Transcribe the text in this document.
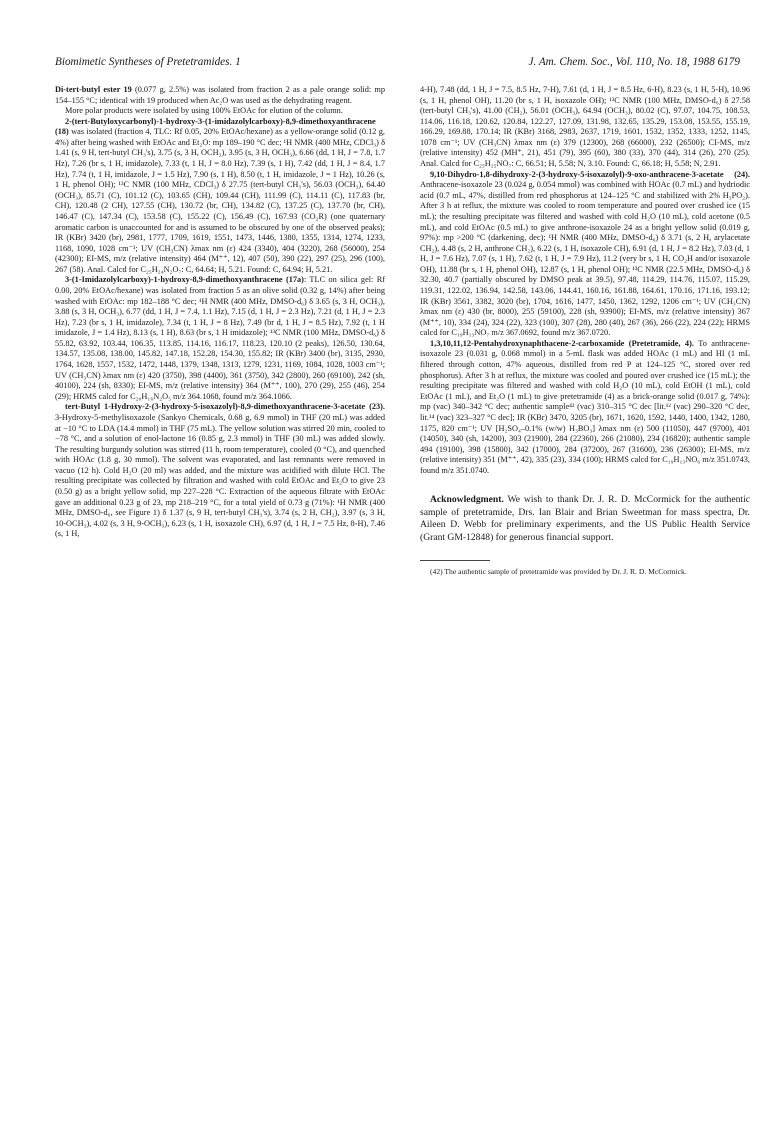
Biomimetic Syntheses of Pretetramides. 1	J. Am. Chem. Soc., Vol. 110, No. 18, 1988 6179

Di-tert-butyl ester 19 (0.077 g, 2.5%) was isolated from fraction 2 as a pale orange solid: mp 154–155 °C; identical with 19 produced when Ac₂O was used as the dehydrating reagent.

More polar products were isolated by using 100% EtOAc for elution of the column.

2-(tert-Butyloxycarbonyl)-1-hydroxy-3-(1-imidazolylcarboxy)-8,9-dimethoxyanthracene (18) was isolated (fraction 4, TLC: Rf 0.05, 20% EtOAc/hexane) as a yellow-orange solid (0.12 g, 4%) after being washed with EtOAc and Et₂O: mp 189–190 °C dec; ¹H NMR (400 MHz, CDCl₃) δ 1.41 (s, 9 H, tert-butyl CH₃'s), 3.75 (s, 3 H, OCH₃), 3.95 (s, 3 H, OCH₃), 6.66 (dd, 1 H, J = 7.8, 1.7 Hz), 7.26 (br s, 1 H, imidazole), 7.33 (t, 1 H, J = 8.0 Hz), 7.39 (s, 1 H), 7.42 (dd, 1 H, J = 8.4, 1.7 Hz), 7.74 (t, 1 H, imidazole, J = 1.5 Hz), 7.90 (s, 1 H), 8.50 (t, 1 H, imidazole, J = 1 Hz), 10.26 (s, 1 H, phenol OH); ¹³C NMR (100 MHz, CDCl₃) δ 27.75 (tert-butyl CH₃'s), 56.03 (OCH₃), 64.40 (OCH₃), 85.71 (C), 101.12 (C), 103.65 (CH), 109.44 (CH), 111.99 (C), 114.11 (C), 117.83 (br, CH), 120.48 (2 CH), 127.55 (CH), 130.72 (br, CH), 134.82 (C), 137.25 (C), 137.70 (br, CH), 146.47 (C), 147.34 (C), 153.58 (C), 155.22 (C), 156.49 (C), 167.93 (CO₂R) (one quaternary aromatic carbon is unaccounted for and is assumed to be obscured by one of the observed peaks); IR (KBr) 3420 (br), 2981, 1777, 1709, 1619, 1551, 1473, 1446, 1380, 1355, 1314, 1274, 1233, 1168, 1090, 1028 cm⁻¹; UV (CH₃CN) λmax nm (ε) 424 (3340), 404 (3220), 268 (56000), 254 (42300); EI-MS, m/z (relative intensity) 464 (M⁺⁺, 12), 407 (50), 390 (22), 297 (25), 296 (100), 267 (58). Anal. Calcd for C₂₅H₂₄N₂O₇: C, 64.64; H, 5.21. Found: C, 64.94; H, 5.21.

3-(1-Imidazolylcarboxy)-1-hydroxy-8,9-dimethoxyanthracene (17a): TLC on silica gel: Rf 0.00, 20% EtOAc/hexane) was isolated from fraction 5 as an olive solid (0.32 g, 14%) after being washed with EtOAc: mp 182–188 °C dec; ¹H NMR (400 MHz, DMSO-d₆) δ 3.65 (s, 3 H, OCH₃), 3.88 (s, 3 H, OCH₃), 6.77 (dd, 1 H, J = 7.4, 1.1 Hz), 7.15 (d, 1 H, J = 2.3 Hz), 7.21 (d, 1 H, J = 2.3 Hz), 7.23 (br s, 1 H, imidazole), 7.34 (t, 1 H, J = 8 Hz), 7.49 (br d, 1 H, J = 8.5 Hz), 7.92 (t, 1 H imidazole, J = 1.4 Hz), 8.13 (s, 1 H), 8.63 (br s, 1 H imidazole); ¹³C NMR (100 MHz, DMSO-d₆) δ 55.82, 63.92, 103.44, 106.35, 113.85, 114.16, 116.17, 118.23, 120.10 (2 peaks), 126.50, 130.64, 134.57, 135.08, 138.00, 145.82, 147.18, 152.28, 154.30, 155.82; IR (KBr) 3400 (br), 3135, 2930, 1764, 1628, 1557, 1532, 1472, 1448, 1379, 1348, 1313, 1279, 1231, 1169, 1084, 1028, 1003 cm⁻¹; UV (CH₃CN) λmax nm (ε) 420 (3750), 398 (4400), 361 (3750), 342 (2800), 260 (69100), 242 (sh, 40100), 224 (sh, 8330); EI-MS, m/z (relative intensity) 364 (M⁺⁺, 100), 270 (29), 255 (46), 254 (29); HRMS calcd for C₂₀H₁₆N₂O₅ m/z 364.1068, found m/z 364.1066.

tert-Butyl 1-Hydroxy-2-(3-hydroxy-5-isoxazolyl)-8,9-dimethoxyanthracene-3-acetate (23). 3-Hydroxy-5-methylisoxazole (Sankyo Chemicals, 0.68 g, 6.9 mmol) in THF (20 mL) was added at −10 °C to LDA (14.4 mmol) in THF (75 mL). The yellow solution was stirred 20 min, cooled to −78 °C, and a solution of enol-lactone 16 (0.85 g, 2.3 mmol) in THF (30 mL) was added slowly. The resulting burgundy solution was stirred (11 h, room temperature), cooled (0 °C), and quenched with HOAc (1.8 g, 30 mmol). The solvent was evaporated, and last remnants were removed in vacuo (12 h). Cold H₂O (20 ml) was added, and the mixture was acidified with dilute HCl. The resulting precipitate was collected by filtration and washed with cold EtOAc and Et₂O to give 23 (0.50 g) as a bright yellow solid, mp 227–228 °C. Extraction of the aqueous filtrate with EtOAc gave an additional 0.23 g of 23, mp 218–219 °C, for a total yield of 0.73 g (71%): ¹H NMR (400 MHz, DMSO-d₆, see Figure 1) δ 1.37 (s, 9 H, tert-butyl CH₃'s), 3.74 (s, 2 H, CH₂), 3.97 (s, 3 H, 10-OCH₃), 4.02 (s, 3 H, 9-OCH₃), 6.23 (s, 1 H, isoxazole CH), 6.97 (d, 1 H, J = 7.5 Hz, 8-H), 7.46 (s, 1 H,

4-H), 7.48 (dd, 1 H, J = 7.5, 8.5 Hz, 7-H), 7.61 (d, 1 H, J = 8.5 Hz, 6-H), 8.23 (s, 1 H, 5-H), 10.96 (s, 1 H, phenol OH), 11.20 (br s, 1 H, isoxazole OH); ¹³C NMR (100 MHz, DMSO-d₆) δ 27.58 (tert-butyl CH₃'s), 41.00 (CH₂), 56.01 (OCH₃), 64.94 (OCH₃), 80.02 (C), 97.07, 104.75, 108.53, 114.06, 116.18, 120.62, 120.84, 122.27, 127.09, 131.98, 132.65, 135.29, 153.08, 153.55, 155.19, 166.29, 169.88, 170.14; IR (KBr) 3168, 2983, 2637, 1719, 1601, 1532, 1352, 1333, 1252, 1145, 1078 cm⁻¹; UV (CH₃CN) λmax nm (ε) 379 (12300), 268 (66000), 232 (26500); CI-MS, m/z (relative intensity) 452 (MH⁺, 21), 451 (79), 395 (60), 380 (33), 370 (44), 314 (26), 270 (25). Anal. Calcd for C₂₅H₂₅NO₇: C, 66.51; H, 5.58; N, 3.10. Found: C, 66.18; H, 5.58; N, 2.91.

9,10-Dihydro-1,8-dihydroxy-2-(3-hydroxy-5-isoxazolyl)-9-oxo-anthracene-3-acetate (24). Anthracene-isoxazole 23 (0.024 g, 0.054 mmol) was combined with HOAc (0.7 mL) and hydriodic acid (0.7 mL, 47%, distilled from red phosphorus at 124–125 °C and stabilized with 2% H₃PO₂). After 3 h at reflux, the mixture was cooled to room temperature and poured over crushed ice (15 mL); the resulting precipitate was filtered and washed with cold H₂O (10 mL), cold acetone (0.5 mL), and cold EtOAc (0.5 mL) to give anthrone-isoxazole 24 as a bright yellow solid (0.019 g, 97%): mp >200 °C (darkening, dec); ¹H NMR (400 MHz, DMSO-d₆) δ 3.71 (s, 2 H, arylacetate CH₂), 4.48 (s, 2 H, anthrone CH₂), 6.22 (s, 1 H, isoxazole CH), 6.91 (d, 1 H, J = 8.2 Hz), 7.03 (d, 1 H, J = 7.6 Hz), 7.07 (s, 1 H), 7.62 (t, 1 H, J = 7.9 Hz), 11.2 (very br s, 1 H, CO₂H and/or isoxazole OH), 11.88 (br s, 1 H, phenol OH), 12.87 (s, 1 H, phenol OH); ¹³C NMR (22.5 MHz, DMSO-d₆) δ 32.30, 40.7 (partially obscured by DMSO peak at 39.5), 97.48, 114.29, 114.76, 115.07, 115.29, 119.31, 122.02, 136.94, 142.58, 143.06, 144.41, 160.16, 161.88, 164.61, 170.16, 171.16, 193.12; IR (KBr) 3561, 3382, 3020 (br), 1704, 1616, 1477, 1450, 1362, 1292, 1206 cm⁻¹; UV (CH₃CN) λmax nm (ε) 430 (br, 8000), 255 (59100), 228 (sh, 93900); EI-MS, m/z (relative intensity) 367 (M⁺⁺, 10), 334 (24), 324 (22), 323 (100), 307 (28), 280 (40), 267 (36), 266 (22), 224 (22); HRMS calcd for C₁₉H₁₃NO₇ m/z 367.0692, found m/z 367.0720.

1,3,10,11,12-Pentahydroxynaphthacene-2-carboxamide (Pretetramide, 4). To anthracene-isoxazole 23 (0.031 g, 0.068 mmol) in a 5-mL flask was added HOAc (1 mL) and HI (1 mL filtered through cotton, 47% aqueous, distilled from red P at 124–125 °C, stored over red phosphorus). After 3 h at reflux, the mixture was cooled and poured over crushed ice (15 mL); the resulting precipitate was filtered and washed with cold H₂O (10 mL), cold EtOH (1 mL), cold EtOAc (1 mL), and Et₂O (1 mL) to give pretetramide (4) as a brick-orange solid (0.017 g, 74%): mp (vac) 340–342 °C dec; authentic sample⁴² (vac) 310–315 °C dec [lit.¹² (vac) 290–320 °C dec, lit.¹⁴ (vac) 323–327 °C dec]; IR (KBr) 3470, 3205 (br), 1671, 1620, 1592, 1440, 1400, 1342, 1280, 1175, 820 cm⁻¹; UV [H₂SO₄–0.1% (w/w) H₃BO₃] λmax nm (ε) 500 (11050), 447 (9700), 401 (14050), 340 (sh, 14200), 303 (21900), 284 (22360), 266 (21080), 234 (16820); authentic sample 494 (19100), 398 (15800), 342 (17000), 284 (37200), 267 (31600), 236 (26300); EI-MS, m/z (relative intensity) 351 (M⁺⁺, 42), 335 (23), 334 (100); HRMS calcd for C₁₉H₁₃NO₆ m/z 351.0743, found m/z 351.0740.

Acknowledgment. We wish to thank Dr. J. R. D. McCormick for the authentic sample of pretetramide, Drs. Ian Blair and Brian Sweetman for mass spectra, Dr. Aileen D. Webb for preliminary experiments, and the US Public Health Service (Grant GM-12848) for generous financial support.

(42) The authentic sample of pretetramide was provided by Dr. J. R. D. McCormick.
